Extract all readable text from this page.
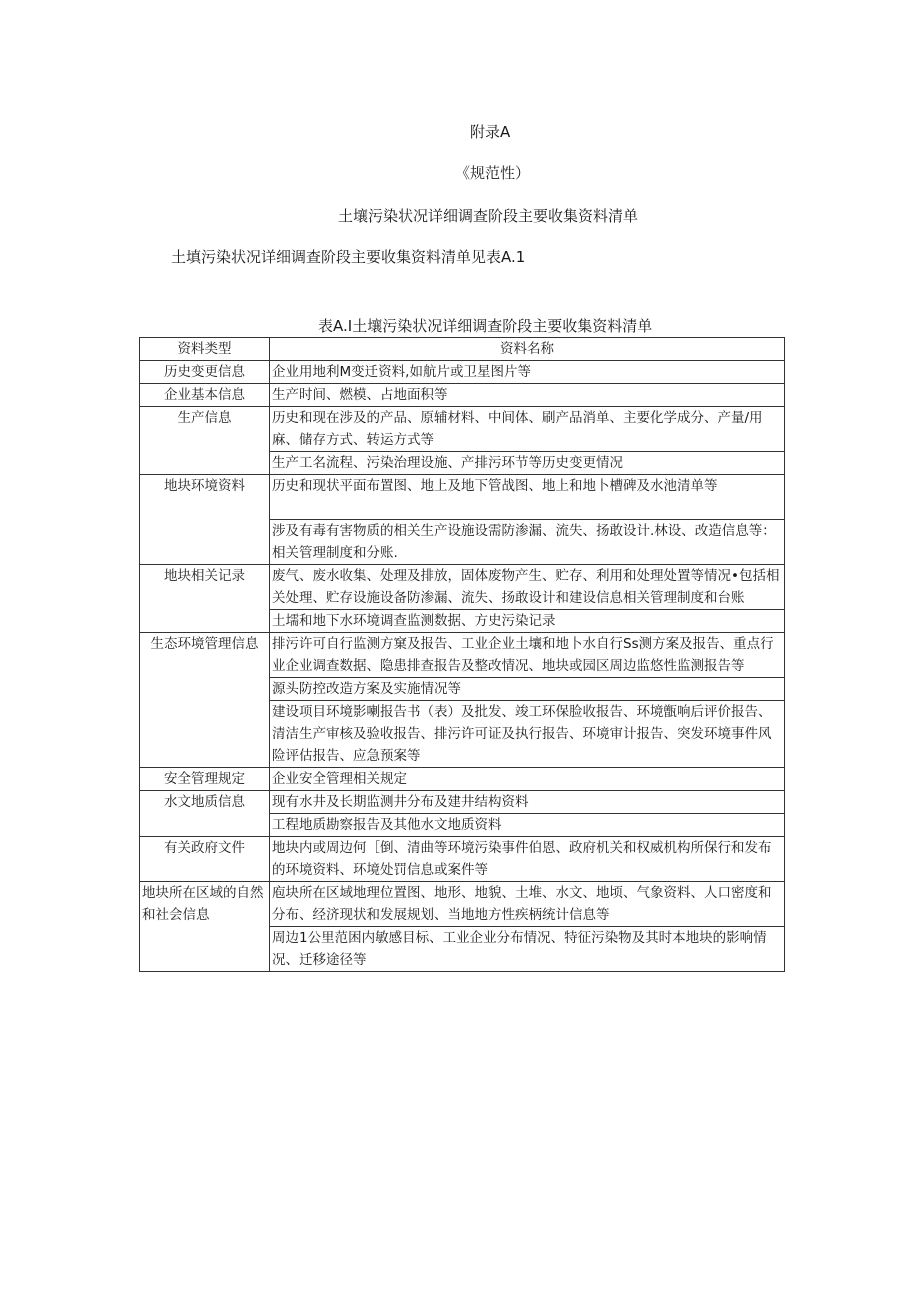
附录A
《规范性）
土壤污染状况详细调查阶段主要收集资料清单
土填污染状况详细调查阶段主要收集资料清单见表A.1
表A.I土壤污染状况详细调查阶段主要收集资料清单
资料类型	资料名称
历史变更信息	企业用地利M变迁资料,如航片或卫星图片等
企业基本信息	生产时间、燃模、占地面积等
生产信息	历史和现在涉及的产品、原辅材料、中间体、刷产品消单、主要化学成分、产量/用麻、储存方式、转运方式等
	生产工名流程、污染治理设施、产排污环节等历史变更情况
地块环境资料	历史和现状平面布置图、地上及地下管战图、地上和地卜槽碑及水池清单等
	涉及有毒有害物质的相关生产设施设需防渗漏、流失、扬敢设计.林设、改造信息等：相关管理制度和分账.
地块相关记录	废气、废水收集、处理及排放，固体废物产生、贮存、利用和处理处置等情况•包括相关处理、贮存设施设备防渗漏、流失、扬敢设计和建设信息相关管理制度和台账
	土壖和地下水环境调查监测数据、方史污染记录
生态环境管理信息	排污许可自行监测方窠及报告、工业企业土壤和地卜水自行Ss测方案及报告、重点行业企业调查数据、隐患排查报告及整改情况、地块或园区周边监悠性监测报告等
	源头防控改造方案及实施情况等
	建设项目环境影喇报告书（表）及批发、竣工环保脸收报告、环境甑响后评价报告、清洁生产审核及验收报告、排污许可证及执行报告、环境审计报告、突发环境事件风险评估报告、应急预案等
安全管理规定	企业安全管理相关规定
水文地质信息	现有水井及长期监测井分布及建井结构资料
	工程地质勘察报告及其他水文地质资料
有关政府文件	地块内或周边何［倒、清曲等环境污染事件伯恩、政府机关和权威机构所保行和发布的环境资料、环境处罚信息或案件等
地块所在区域的自然和社会信息	庖块所在区域地理位置图、地形、地貌、土堆、水文、地顷、气象资料、人口密度和分布、经济现状和发展规划、当地地方性疾柄统计信息等
	周边1公里范困内敏感目标、工业企业分布情况、特征污染物及其时本地块的影响情况、迁移途径等
